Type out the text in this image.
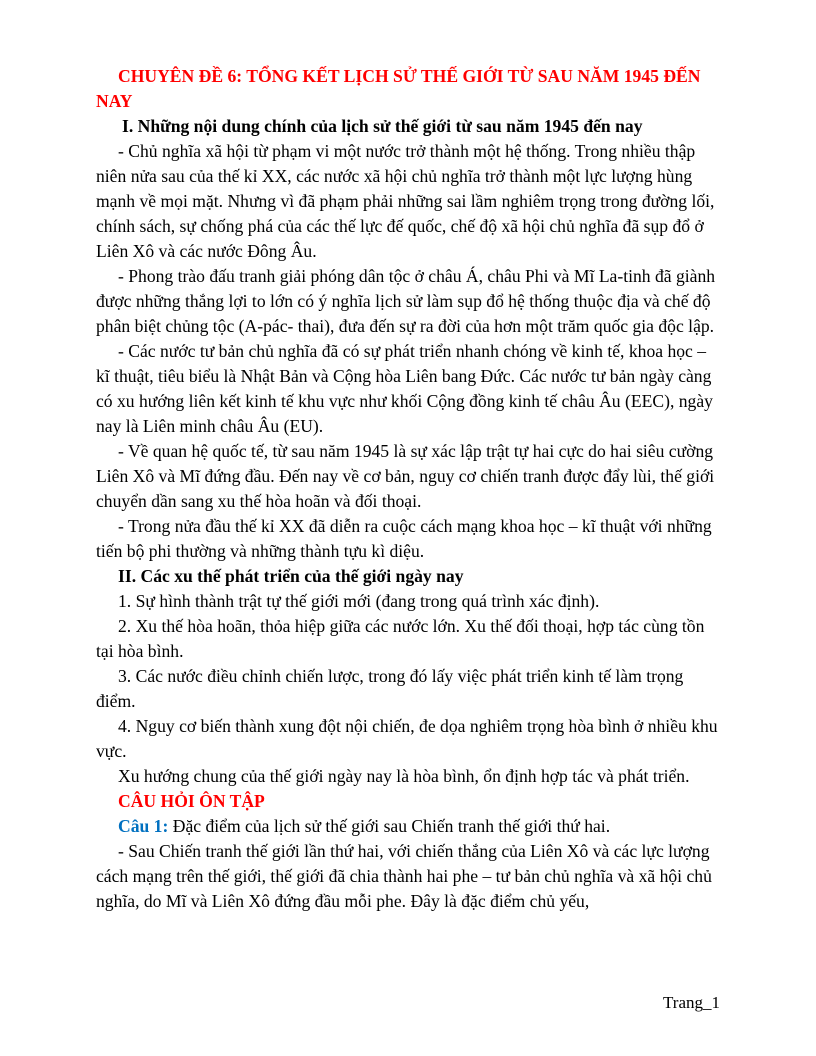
CHUYÊN ĐỀ 6: TỔNG KẾT LỊCH SỬ THẾ GIỚI TỪ SAU NĂM 1945 ĐẾN NAY

I. Những nội dung chính của lịch sử thế giới từ sau năm 1945 đến nay

- Chủ nghĩa xã hội từ phạm vi một nước trở thành một hệ thống. Trong nhiều thập niên nửa sau của thế kỉ XX, các nước xã hội chủ nghĩa trở thành một lực lượng hùng mạnh về mọi mặt. Nhưng vì đã phạm phải những sai lầm nghiêm trọng trong đường lối, chính sách, sự chống phá của các thế lực đế quốc, chế độ xã hội chủ nghĩa đã sụp đổ ở Liên Xô và các nước Đông Âu.

- Phong trào đấu tranh giải phóng dân tộc ở châu Á, châu Phi và Mĩ La-tinh đã giành được những thắng lợi to lớn có ý nghĩa lịch sử làm sụp đổ hệ thống thuộc địa và chế độ phân biệt chủng tộc (A-pác- thai), đưa đến sự ra đời của hơn một trăm quốc gia độc lập.

- Các nước tư bản chủ nghĩa đã có sự phát triển nhanh chóng về kinh tế, khoa học – kĩ thuật, tiêu biểu là Nhật Bản và Cộng hòa Liên bang Đức. Các nước tư bản ngày càng có xu hướng liên kết kinh tế khu vực như khối Cộng đồng kinh tế châu Âu (EEC), ngày nay là Liên minh châu Âu (EU).

- Về quan hệ quốc tế, từ sau năm 1945 là sự xác lập trật tự hai cực do hai siêu cường Liên Xô và Mĩ đứng đầu. Đến nay về cơ bản, nguy cơ chiến tranh được đẩy lùi, thế giới chuyển dần sang xu thế hòa hoãn và đối thoại.

- Trong nửa đầu thế kỉ XX đã diễn ra cuộc cách mạng khoa học – kĩ thuật với những tiến bộ phi thường và những thành tựu kì diệu.

II. Các xu thế phát triển của thế giới ngày nay

1. Sự hình thành trật tự thế giới mới (đang trong quá trình xác định).

2. Xu thế hòa hoãn, thỏa hiệp giữa các nước lớn. Xu thế đối thoại, hợp tác cùng tồn tại hòa bình.

3. Các nước điều chỉnh chiến lược, trong đó lấy việc phát triển kinh tế làm trọng điểm.

4. Nguy cơ biến thành xung đột nội chiến, đe dọa nghiêm trọng hòa bình ở nhiều khu vực.

Xu hướng chung của thế giới ngày nay là hòa bình, ổn định hợp tác và phát triển.

CÂU HỎI ÔN TẬP

Câu 1: Đặc điểm của lịch sử thế giới sau Chiến tranh thế giới thứ hai.

- Sau Chiến tranh thế giới lần thứ hai, với chiến thắng của Liên Xô và các lực lượng cách mạng trên thế giới, thế giới đã chia thành hai phe – tư bản chủ nghĩa và xã hội chủ nghĩa, do Mĩ và Liên Xô đứng đầu mỗi phe. Đây là đặc điểm chủ yếu,

Trang_1
